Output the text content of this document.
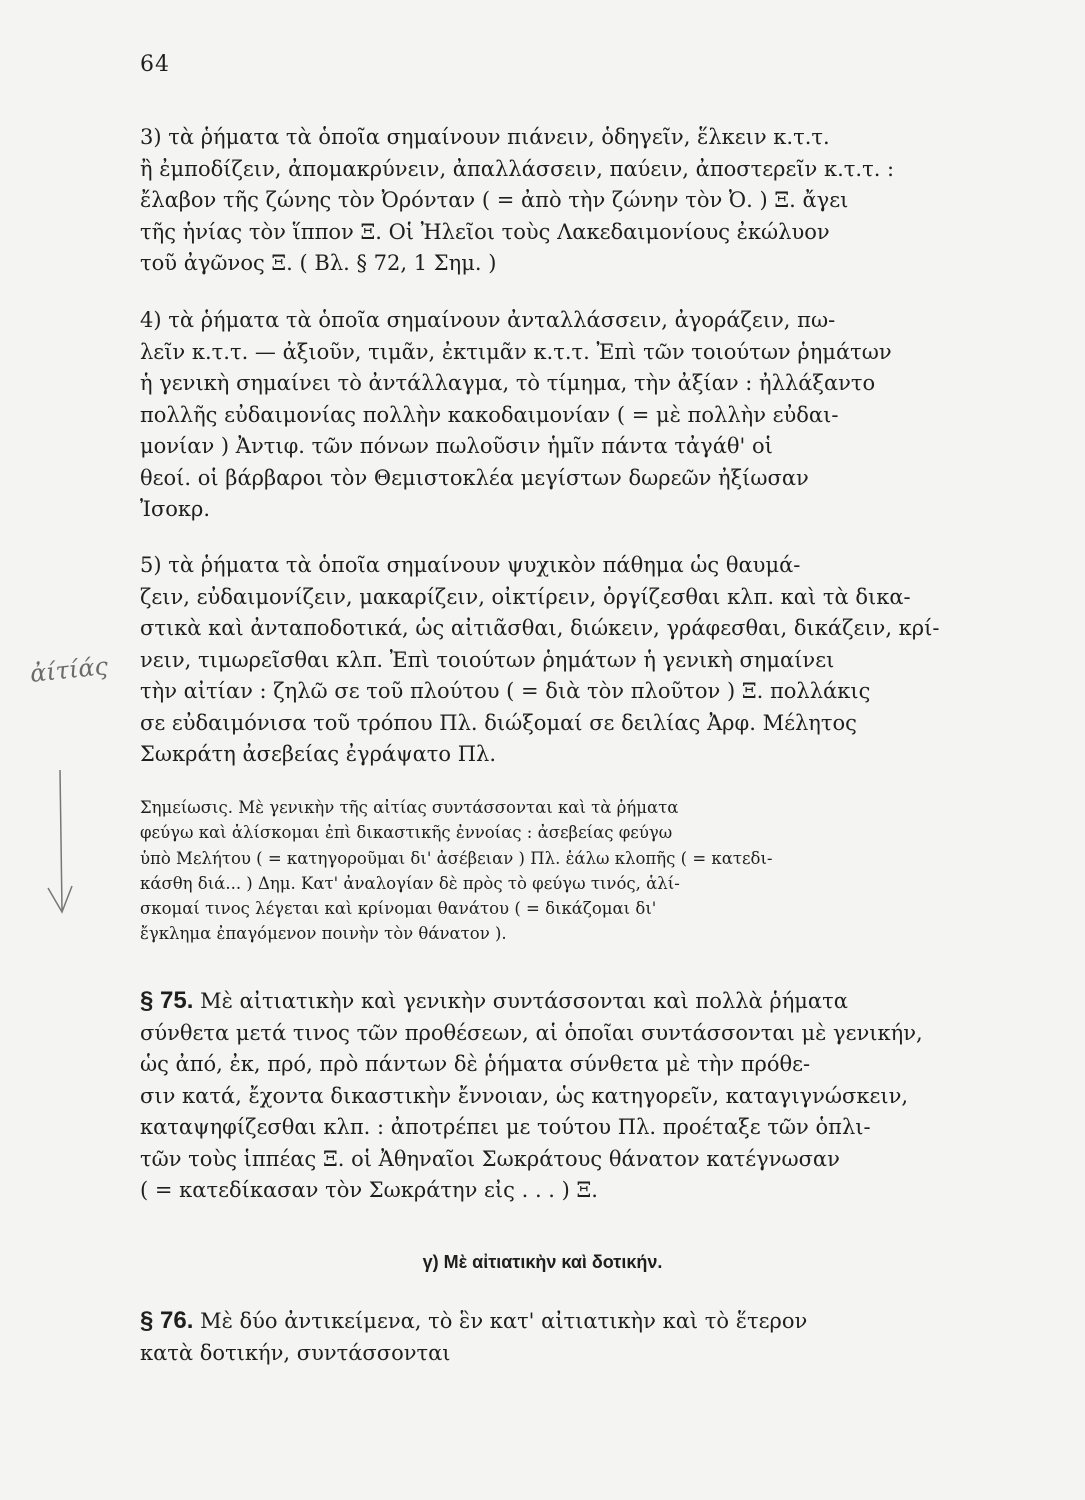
64
ἀίτίάς
3) τὰ ῥήματα τὰ ὁποῖα σημαίνουν πιάνειν, ὁδηγεῖν, ἕλκειν κ.τ.τ.
ἢ ἐμποδίζειν, ἀπομακρύνειν, ἀπαλλάσσειν, παύειν, ἀποστερεῖν κ.τ.τ. :
ἔλαβον τῆς ζώνης τὸν Ὀρόνταν ( = ἀπὸ τὴν ζώνην τὸν Ὀ. ) Ξ. ἄγει
τῆς ἡνίας τὸν ἵππον Ξ. Οἱ Ἠλεῖοι τοὺς Λακεδαιμονίους ἐκώλυον
τοῦ ἀγῶνος Ξ. ( Βλ. § 72, 1 Σημ. )
4) τὰ ῥήματα τὰ ὁποῖα σημαίνουν ἀνταλλάσσειν, ἀγοράζειν, πω-
λεῖν κ.τ.τ. — ἀξιοῦν, τιμᾶν, ἐκτιμᾶν κ.τ.τ. Ἐπὶ τῶν τοιούτων ῥημάτων
ἡ γενικὴ σημαίνει τὸ ἀντάλλαγμα, τὸ τίμημα, τὴν ἀξίαν : ἠλλάξαντο
πολλῆς εὐδαιμονίας πολλὴν κακοδαιμονίαν ( = μὲ πολλὴν εὐδαι-
μονίαν ) Ἀντιφ. τῶν πόνων πωλοῦσιν ἡμῖν πάντα τἀγάθ' οἱ
θεοί. οἱ βάρβαροι τὸν Θεμιστοκλέα μεγίστων δωρεῶν ἠξίωσαν
Ἰσοκρ.
5) τὰ ῥήματα τὰ ὁποῖα σημαίνουν ψυχικὸν πάθημα ὡς θαυμά-
ζειν, εὐδαιμονίζειν, μακαρίζειν, οἰκτίρειν, ὀργίζεσθαι κλπ. καὶ τὰ δικα-
στικὰ καὶ ἀνταποδοτικά, ὡς αἰτιᾶσθαι, διώκειν, γράφεσθαι, δικάζειν, κρί-
νειν, τιμωρεῖσθαι κλπ. Ἐπὶ τοιούτων ῥημάτων ἡ γενικὴ σημαίνει
τὴν αἰτίαν : ζηλῶ σε τοῦ πλούτου ( = διὰ τὸν πλοῦτον ) Ξ. πολλάκις
σε εὐδαιμόνισα τοῦ τρόπου Πλ. διώξομαί σε δειλίας Ἀρφ. Μέλητος
Σωκράτη ἀσεβείας ἐγράψατο Πλ.
Σημείωσις. Μὲ γενικὴν τῆς αἰτίας συντάσσονται καὶ τὰ ῥήματα
φεύγω καὶ ἁλίσκομαι ἐπὶ δικαστικῆς ἐννοίας : ἀσεβείας φεύγω
ὑπὸ Μελήτου ( = κατηγοροῦμαι δι' ἀσέβειαν ) Πλ. ἑάλω κλοπῆς ( = κατεδι-
κάσθη διά... ) Δημ. Κατ' ἀναλογίαν δὲ πρὸς τὸ φεύγω τινός, ἁλί-
σκομαί τινος λέγεται καὶ κρίνομαι θανάτου ( = δικάζομαι δι'
ἔγκλημα ἐπαγόμενον ποινὴν τὸν θάνατον ).
§ 75. Μὲ αἰτιατικὴν καὶ γενικὴν συντάσσονται καὶ πολλὰ ῥήματα
σύνθετα μετά τινος τῶν προθέσεων, αἱ ὁποῖαι συντάσσονται μὲ γενικήν,
ὡς ἀπό, ἐκ, πρό, πρὸ πάντων δὲ ῥήματα σύνθετα μὲ τὴν πρόθε-
σιν κατά, ἔχοντα δικαστικὴν ἔννοιαν, ὡς κατηγορεῖν, καταγιγνώσκειν,
καταψηφίζεσθαι κλπ. : ἀποτρέπει με τούτου Πλ. προέταξε τῶν ὁπλι-
τῶν τοὺς ἱππέας Ξ. οἱ Ἀθηναῖοι Σωκράτους θάνατον κατέγνωσαν
( = κατεδίκασαν τὸν Σωκράτην εἰς . . . ) Ξ.
γ) Μὲ αἰτιατικὴν καὶ δοτικήν.
§ 76. Μὲ δύο ἀντικείμενα, τὸ ἓν κατ' αἰτιατικὴν καὶ τὸ ἕτερον
κατὰ δοτικήν, συντάσσονται
